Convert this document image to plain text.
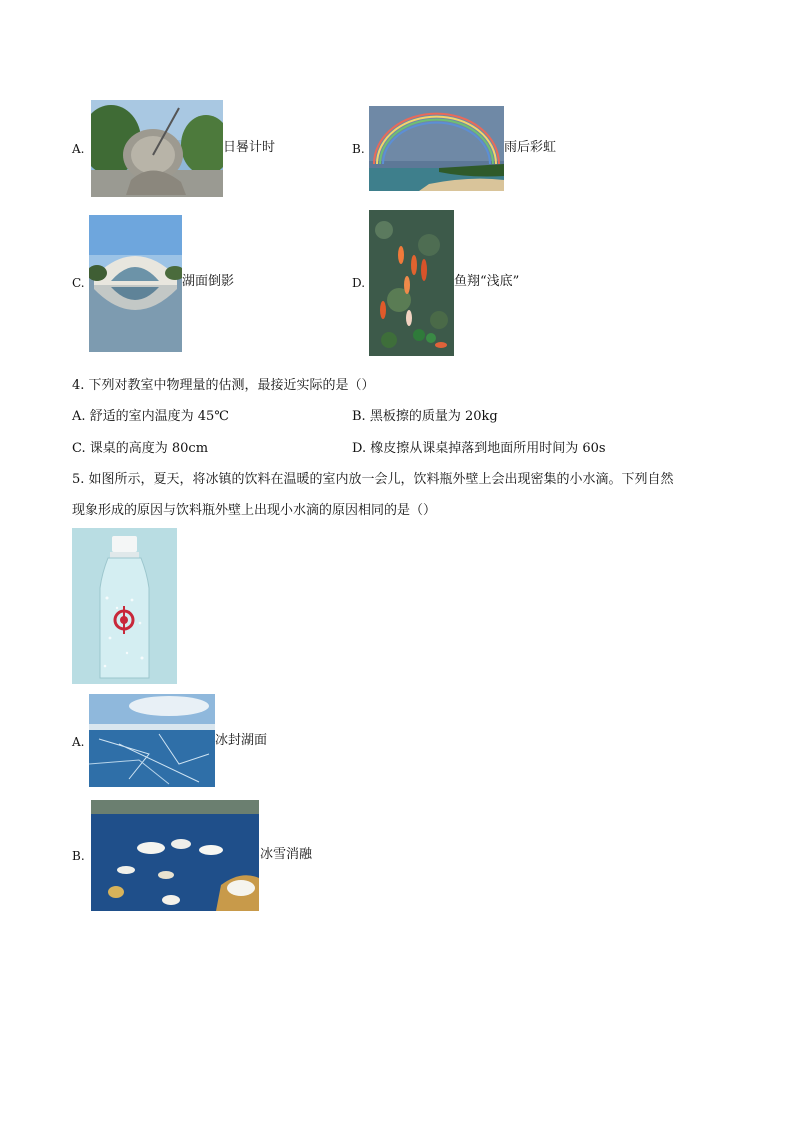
A.	日晷计时	B.	雨后彩虹
C.	湖面倒影	D.	鱼翔“浅底”
4. 下列对教室中物理量的估测，最接近实际的是（）
A. 舒适的室内温度为 45℃	B. 黑板擦的质量为 20kg
C. 课桌的高度为 80cm	D. 橡皮擦从课桌掉落到地面所用时间为 60s
5. 如图所示，夏天，将冰镇的饮料在温暖的室内放一会儿，饮料瓶外壁上会出现密集的小水滴。下列自然
现象形成的原因与饮料瓶外壁上出现小水滴的原因相同的是（）
A.	冰封湖面
B.	冰雪消融
